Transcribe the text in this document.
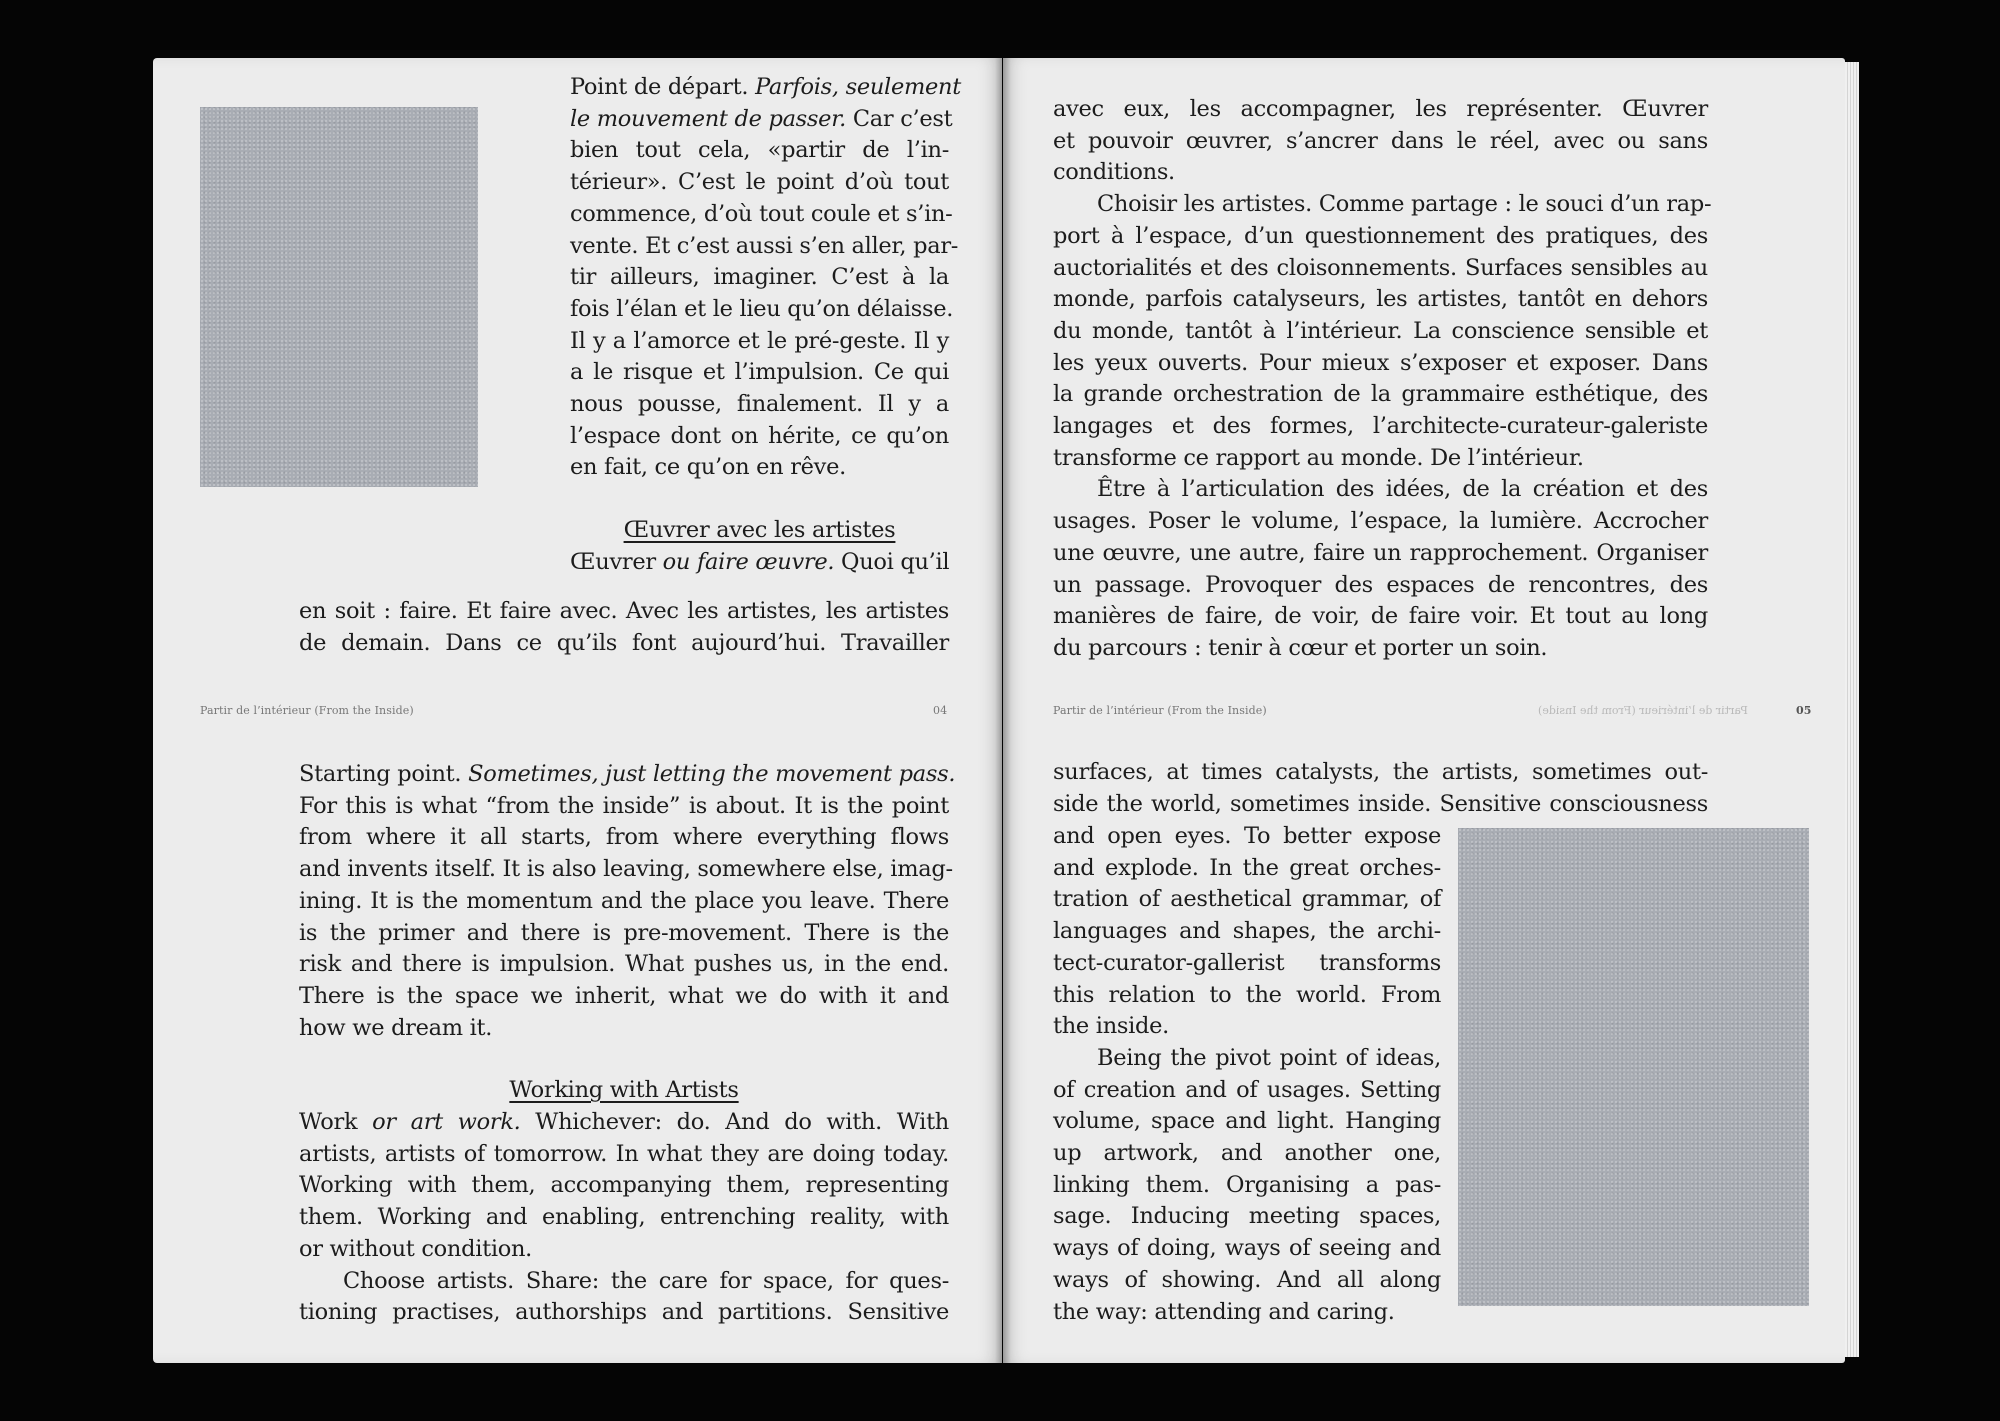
Point de départ. Parfois, seulement
le mouvement de passer. Car c’est
bien tout cela, «partir de l’in-
térieur». C’est le point d’où tout
commence, d’où tout coule et s’in-
vente. Et c’est aussi s’en aller, par-
tir ailleurs, imaginer. C’est à la
fois l’élan et le lieu qu’on délaisse.
Il y a l’amorce et le pré-geste. Il y
a le risque et l’impulsion. Ce qui
nous pousse, finalement. Il y a
l’espace dont on hérite, ce qu’on
en fait, ce qu’on en rêve.
Œuvrer avec les artistes
Œuvrer ou faire œuvre. Quoi qu’il
en soit : faire. Et faire avec. Avec les artistes, les artistes
de demain. Dans ce qu’ils font aujourd’hui. Travailler
Partir de l’intérieur (From the Inside)	04
Starting point. Sometimes, just letting the movement pass.
For this is what “from the inside” is about. It is the point
from where it all starts, from where everything flows
and invents itself. It is also leaving, somewhere else, imag-
ining. It is the momentum and the place you leave. There
is the primer and there is pre-movement. There is the
risk and there is impulsion. What pushes us, in the end.
There is the space we inherit, what we do with it and
how we dream it.
Working with Artists
Work or art work. Whichever: do. And do with. With
artists, artists of tomorrow. In what they are doing today.
Working with them, accompanying them, representing
them. Working and enabling, entrenching reality, with
or without condition.
Choose artists. Share: the care for space, for ques-
tioning practises, authorships and partitions. Sensitive
avec eux, les accompagner, les représenter. Œuvrer
et pouvoir œuvrer, s’ancrer dans le réel, avec ou sans
conditions.
Choisir les artistes. Comme partage : le souci d’un rap-
port à l’espace, d’un questionnement des pratiques, des
auctorialités et des cloisonnements. Surfaces sensibles au
monde, parfois catalyseurs, les artistes, tantôt en dehors
du monde, tantôt à l’intérieur. La conscience sensible et
les yeux ouverts. Pour mieux s’exposer et exposer. Dans
la grande orchestration de la grammaire esthétique, des
langages et des formes, l’architecte-curateur-galeriste
transforme ce rapport au monde. De l’intérieur.
Être à l’articulation des idées, de la création et des
usages. Poser le volume, l’espace, la lumière. Accrocher
une œuvre, une autre, faire un rapprochement. Organiser
un passage. Provoquer des espaces de rencontres, des
manières de faire, de voir, de faire voir. Et tout au long
du parcours : tenir à cœur et porter un soin.
Partir de l’intérieur (From the Inside)	Partir de l’intérieur (From the Inside)	05
surfaces, at times catalysts, the artists, sometimes out-
side the world, sometimes inside. Sensitive consciousness
and open eyes. To better expose
and explode. In the great orches-
tration of aesthetical grammar, of
languages and shapes, the archi-
tect-curator-gallerist transforms
this relation to the world. From
the inside.
Being the pivot point of ideas,
of creation and of usages. Setting
volume, space and light. Hanging
up artwork, and another one,
linking them. Organising a pas-
sage. Inducing meeting spaces,
ways of doing, ways of seeing and
ways of showing. And all along
the way: attending and caring.
